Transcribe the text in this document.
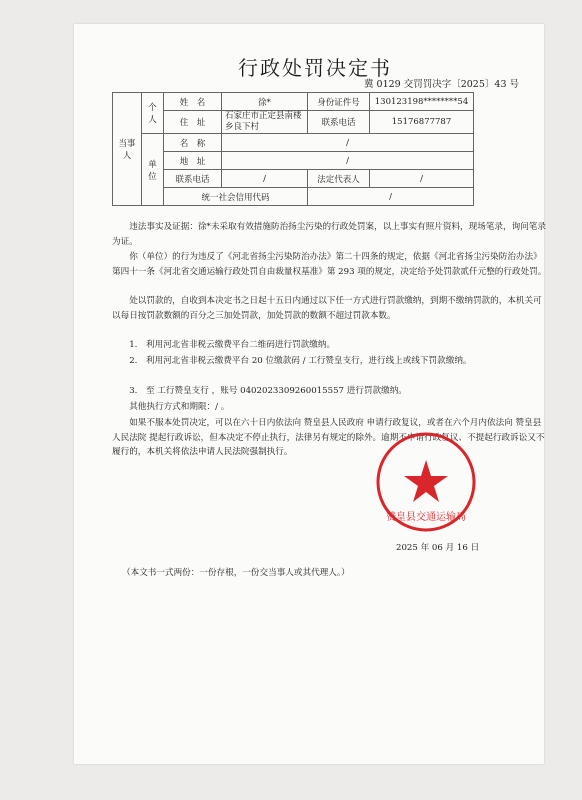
行政处罚决定书
冀 0129 交罚罚决字〔2025〕43 号
当事人	个人	姓　名	徐*	身份证件号	130123198********54
		住　址	石家庄市正定县南楼乡良下村	联系电话	15176877787
	单位	名　称	/		
		地　址	/		
		联系电话	/	法定代表人	/
		统一社会信用代码		/	
违法事实及证据：徐*未采取有效措施防治扬尘污染的行政处罚案，以上事实有照片资料，现场笔录，询问笔录为证。
你（单位）的行为违反了《河北省扬尘污染防治办法》第二十四条的规定，依据《河北省扬尘污染防治办法》第四十一条《河北省交通运输行政处罚自由裁量权基准》第 293 项的规定，决定给予处罚款贰仟元整的行政处罚。
处以罚款的，自收到本决定书之日起十五日内通过以下任一方式进行罚款缴纳，到期不缴纳罚款的，本机关可以每日按罚款数额的百分之三加处罚款，加处罚款的数额不超过罚款本数。
1.　利用河北省非税云缴费平台二维码进行罚款缴纳。
2.　利用河北省非税云缴费平台 20 位缴款码 / 工行赞皇支行，进行线上或线下罚款缴纳。
3.　至 工行赞皇支行 ，账号 0402023309260015557 进行罚款缴纳。
其他执行方式和期限：/ 。
如果不服本处罚决定，可以在六十日内依法向 赞皇县人民政府 申请行政复议，或者在六个月内依法向 赞皇县人民法院 提起行政诉讼，但本决定不停止执行，法律另有规定的除外。逾期不申请行政复议、不提起行政诉讼又不履行的，本机关将依法申请人民法院强制执行。
2025 年 06 月 16 日
（本文书一式两份：一份存根，一份交当事人或其代理人。）
赞皇县交通运输局
